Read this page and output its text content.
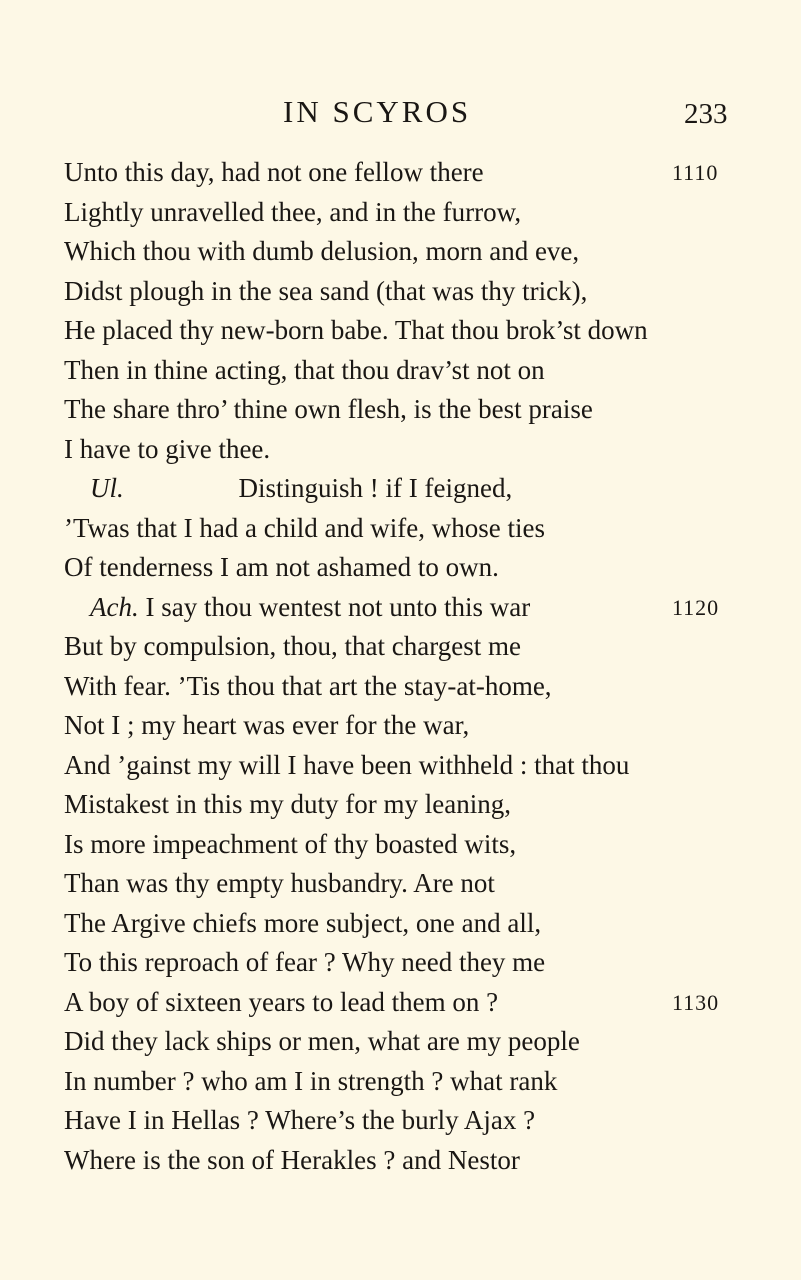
IN SCYROS	233
Unto this day, had not one fellow there	1110
Lightly unravelled thee, and in the furrow,
Which thou with dumb delusion, morn and eve,
Didst plough in the sea sand (that was thy trick),
He placed thy new-born babe. That thou brok’st down
Then in thine acting, that thou drav’st not on
The share thro’ thine own flesh, is the best praise
I have to give thee.
Ul.	Distinguish ! if I feigned,
’Twas that I had a child and wife, whose ties
Of tenderness I am not ashamed to own.
Ach. I say thou wentest not unto this war	1120
But by compulsion, thou, that chargest me
With fear. ’Tis thou that art the stay-at-home,
Not I ; my heart was ever for the war,
And ’gainst my will I have been withheld : that thou
Mistakest in this my duty for my leaning,
Is more impeachment of thy boasted wits,
Than was thy empty husbandry. Are not
The Argive chiefs more subject, one and all,
To this reproach of fear ? Why need they me
A boy of sixteen years to lead them on ?	1130
Did they lack ships or men, what are my people
In number ? who am I in strength ? what rank
Have I in Hellas ? Where’s the burly Ajax ?
Where is the son of Herakles ? and Nestor
